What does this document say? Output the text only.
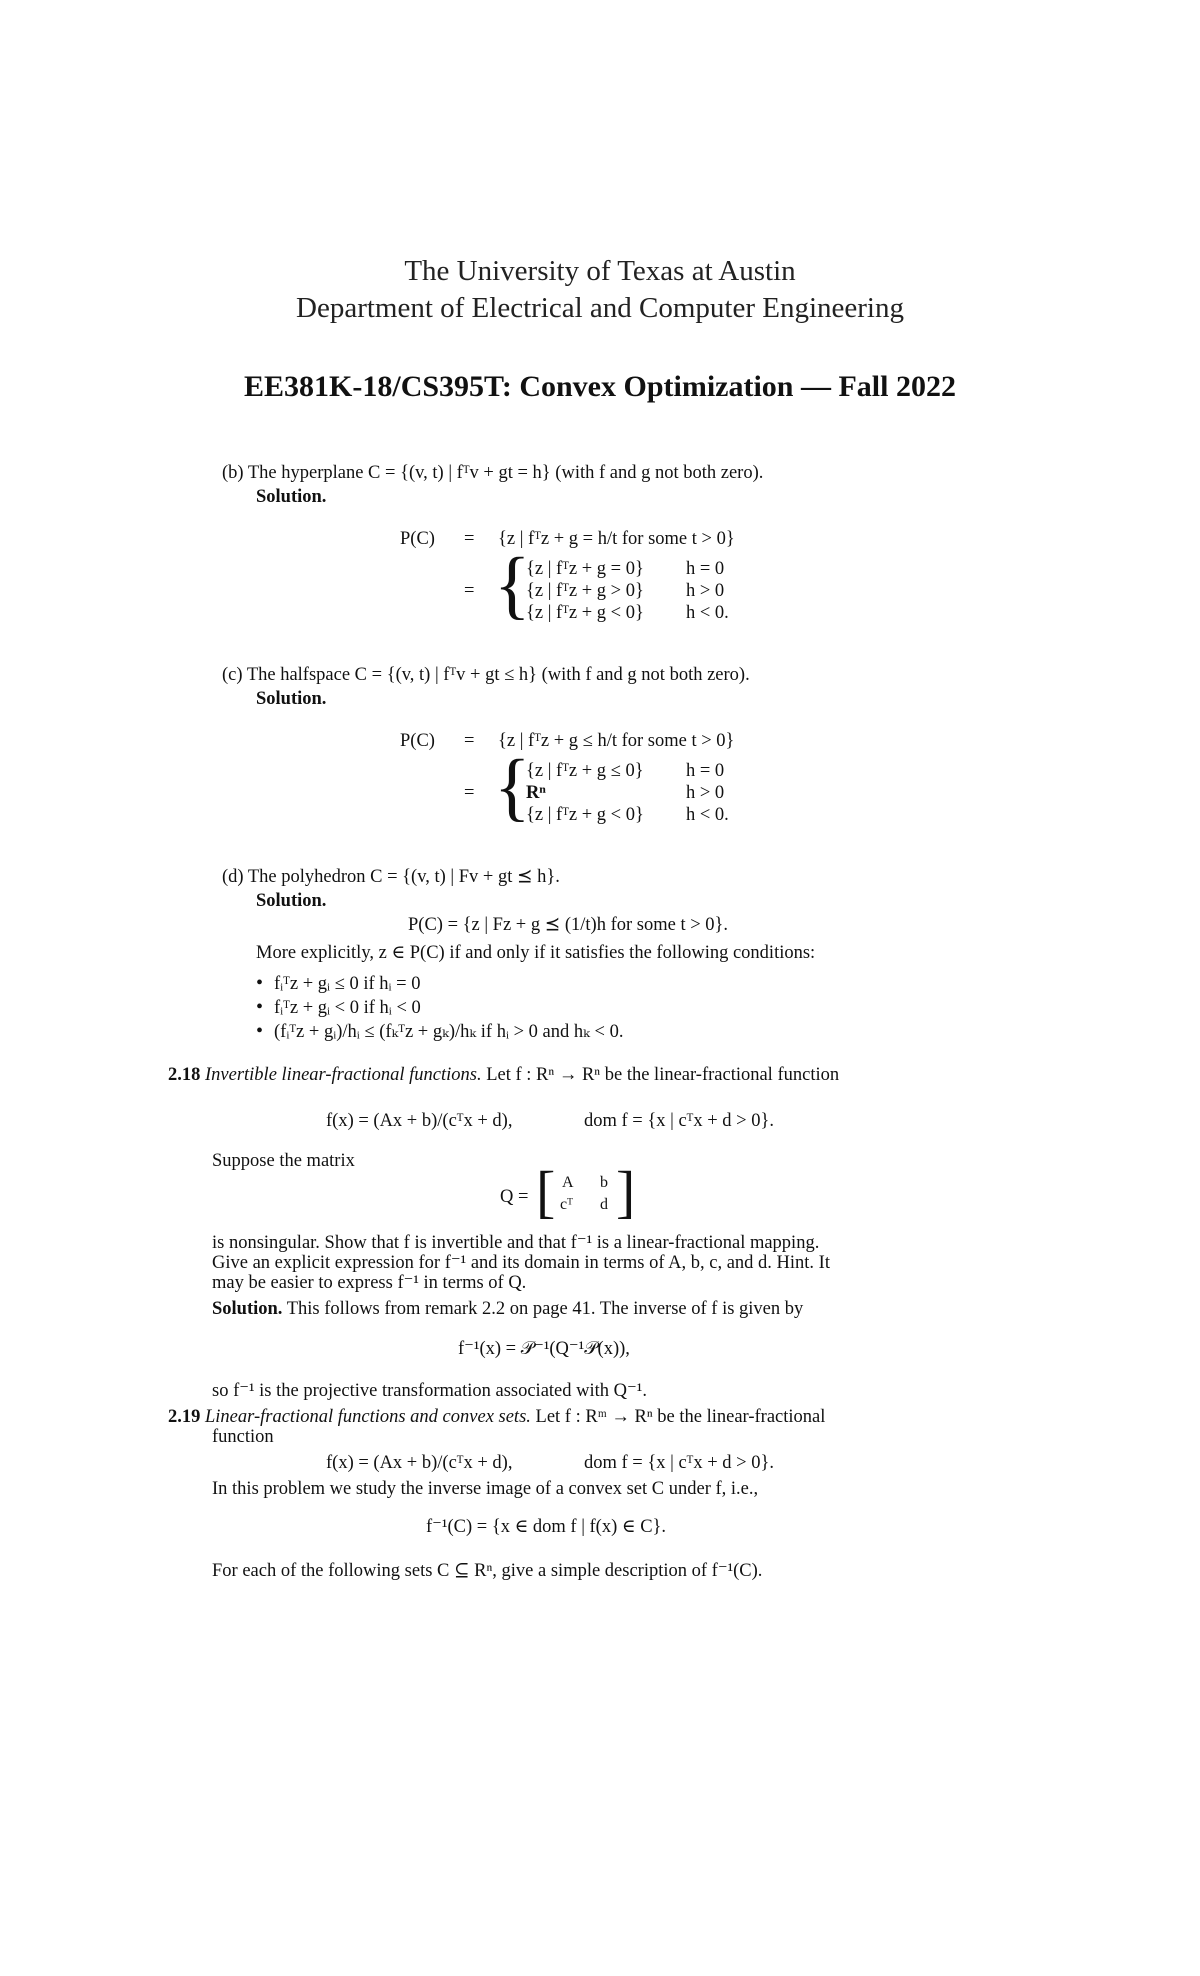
The University of Texas at Austin
Department of Electrical and Computer Engineering
EE381K-18/CS395T: Convex Optimization — Fall 2022
(b) The hyperplane C = {(v, t) | fᵀv + gt = h} (with f and g not both zero).
Solution.
P(C) = {z | fᵀz + g = h/t for some t > 0}
= {
{z | fᵀz + g = 0} h = 0
{z | fᵀz + g > 0} h > 0
{z | fᵀz + g < 0} h < 0.
(c) The halfspace C = {(v, t) | fᵀv + gt ≤ h} (with f and g not both zero).
Solution.
P(C) = {z | fᵀz + g ≤ h/t for some t > 0}
= {
{z | fᵀz + g ≤ 0} h = 0
Rⁿ	h > 0
{z | fᵀz + g < 0} h < 0.
(d) The polyhedron C = {(v, t) | Fv + gt ⪯ h}.
Solution.
P(C) = {z | Fz + g ⪯ (1/t)h for some t > 0}.
More explicitly, z ∈ P(C) if and only if it satisfies the following conditions:
• fᵢᵀz + gᵢ ≤ 0 if hᵢ = 0
• fᵢᵀz + gᵢ < 0 if hᵢ < 0
• (fᵢᵀz + gᵢ)/hᵢ ≤ (fₖᵀz + gₖ)/hₖ if hᵢ > 0 and hₖ < 0.
2.18 Invertible linear-fractional functions. Let f : Rⁿ → Rⁿ be the linear-fractional function
f(x) = (Ax + b)/(cᵀx + d),	dom f = {x | cᵀx + d > 0}.
Suppose the matrix
Q = [ A b
cᵀ d ]
is nonsingular. Show that f is invertible and that f⁻¹ is a linear-fractional mapping.
Give an explicit expression for f⁻¹ and its domain in terms of A, b, c, and d. Hint. It
may be easier to express f⁻¹ in terms of Q.
Solution. This follows from remark 2.2 on page 41. The inverse of f is given by
f⁻¹(x) = 𝒫⁻¹(Q⁻¹𝒫(x)),
so f⁻¹ is the projective transformation associated with Q⁻¹.
2.19 Linear-fractional functions and convex sets. Let f : Rᵐ → Rⁿ be the linear-fractional
function
f(x) = (Ax + b)/(cᵀx + d),	dom f = {x | cᵀx + d > 0}.
In this problem we study the inverse image of a convex set C under f, i.e.,
f⁻¹(C) = {x ∈ dom f | f(x) ∈ C}.
For each of the following sets C ⊆ Rⁿ, give a simple description of f⁻¹(C).
